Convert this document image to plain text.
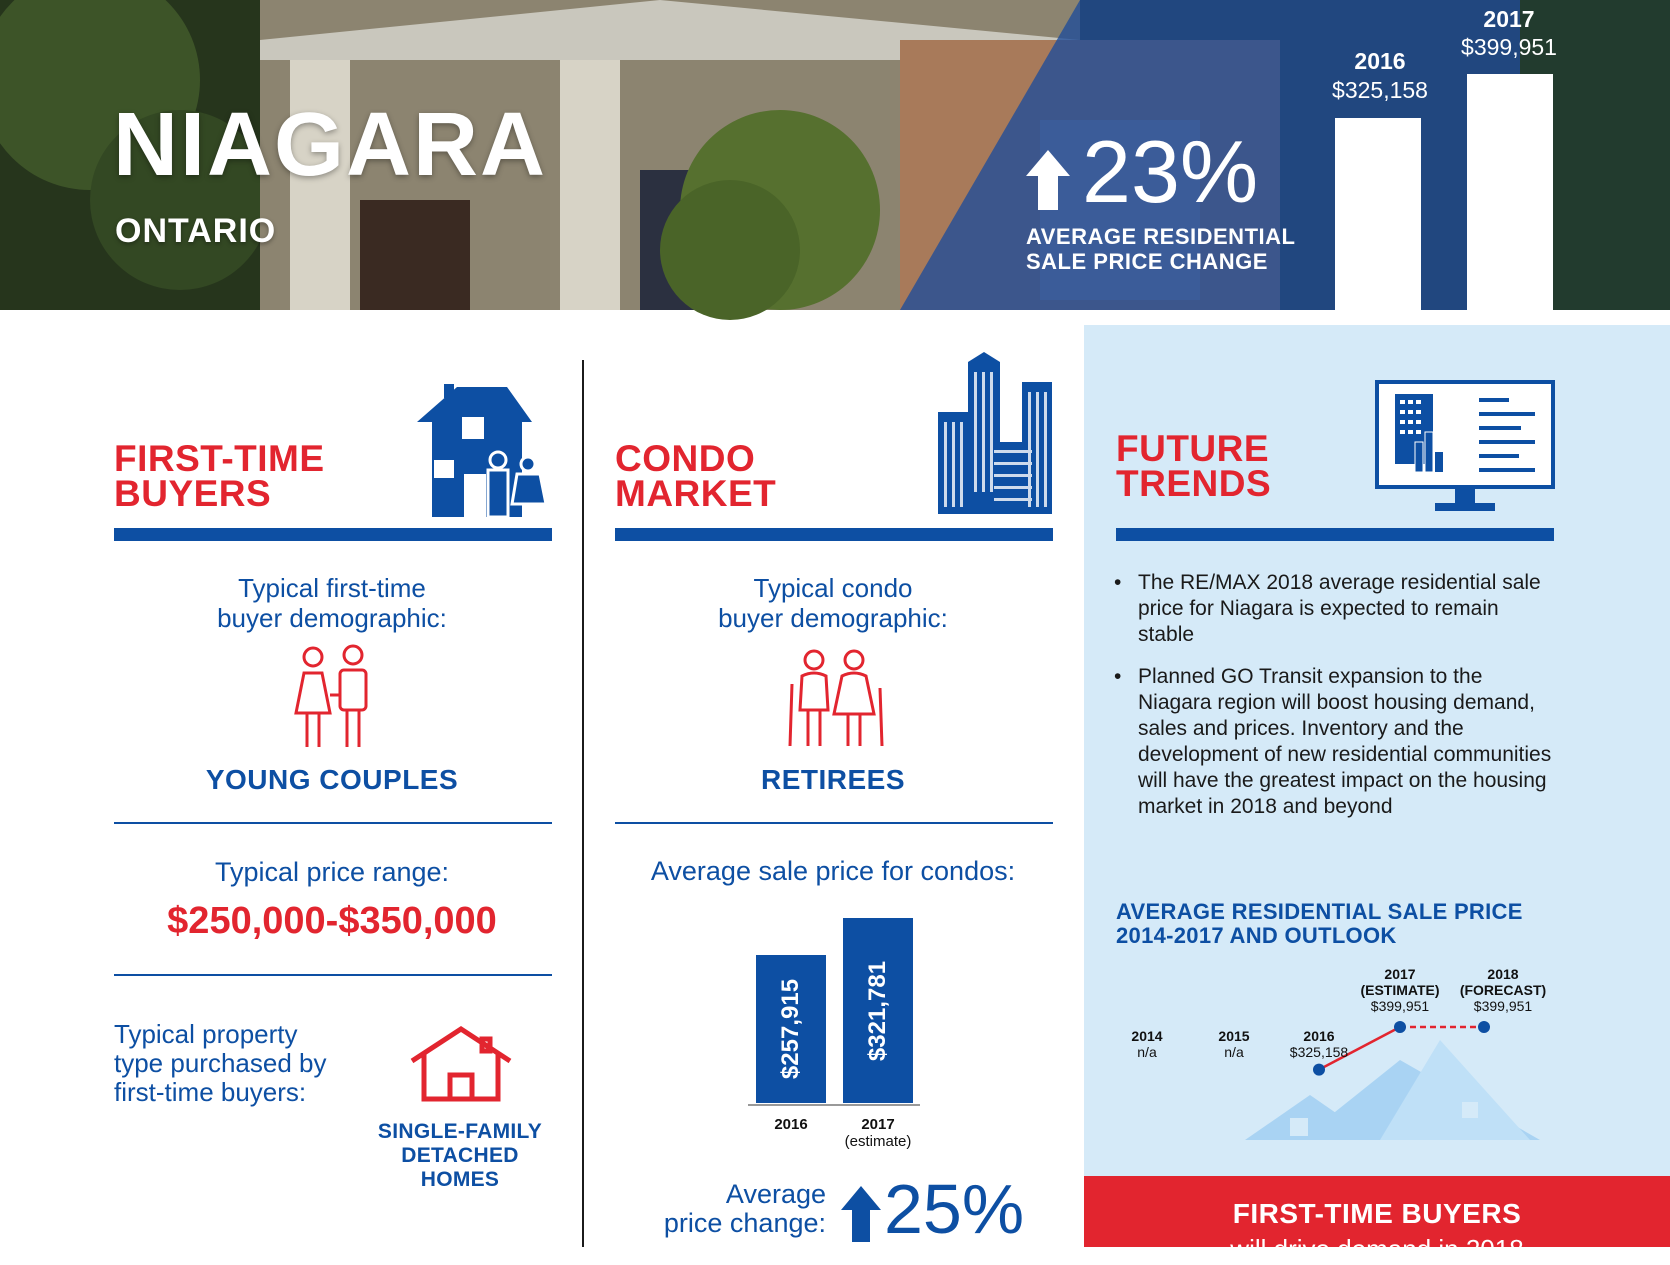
NIAGARA
ONTARIO
23%
AVERAGE RESIDENTIAL
SALE PRICE CHANGE
2016
$325,158
2017
$399,951
FIRST-TIME
BUYERS
Typical first-time
buyer demographic:
YOUNG COUPLES
Typical price range:
$250,000-$350,000
Typical property
type purchased by
first-time buyers:
SINGLE-FAMILY
DETACHED
HOMES
CONDO
MARKET
Typical condo
buyer demographic:
RETIREES
Average sale price for condos:
$257,915	$321,781
2016	2017
(estimate)
Average
price change: 25%
FUTURE
TRENDS
• The RE/MAX 2018 average residential sale price for Niagara is expected to remain stable
• Planned GO Transit expansion to the Niagara region will boost housing demand, sales and prices. Inventory and the development of new residential communities will have the greatest impact on the housing market in 2018 and beyond
AVERAGE RESIDENTIAL SALE PRICE
2014-2017 AND OUTLOOK
2014
n/a
2015
n/a
2016
$325,158
2017
(ESTIMATE)
$399,951
2018
(FORECAST)
$399,951
FIRST-TIME BUYERS
will drive demand in 2018
